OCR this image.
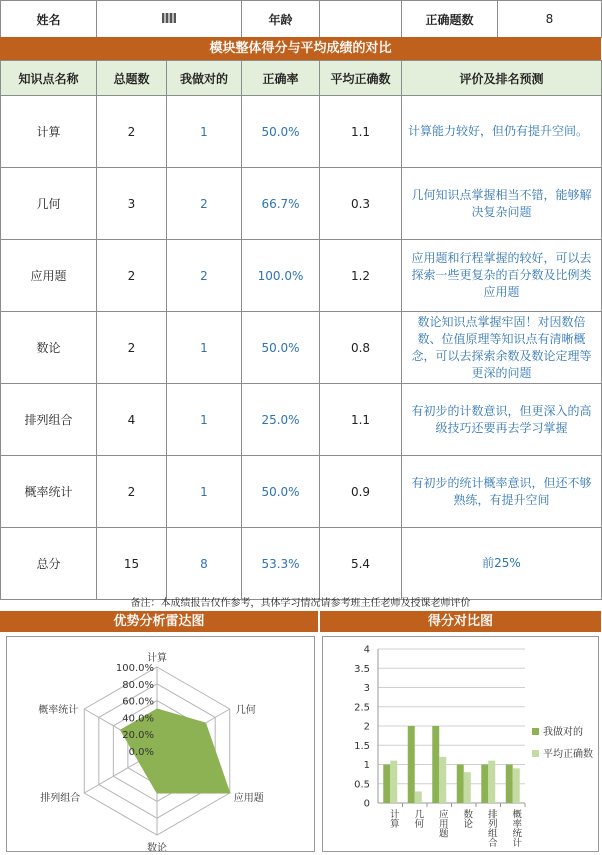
姓名		年龄		正确题数	8
模块整体得分与平均成绩的对比
知识点名称	总题数	我做对的	正确率	平均正确数	评价及排名预测
计算	2	1	50.0%	1.1	计算能力较好，但仍有提升空间。
几何	3	2	66.7%	0.3	几何知识点掌握相当不错，能够解决复杂问题
应用题	2	2	100.0%	1.2	应用题和行程掌握的较好，可以去探索一些更复杂的百分数及比例类应用题
数论	2	1	50.0%	0.8	数论知识点掌握牢固！对因数倍数、位值原理等知识点有清晰概念，可以去探索余数及数论定理等更深的问题
排列组合	4	1	25.0%	1.1	有初步的计数意识，但更深入的高级技巧还要再去学习掌握
概率统计	2	1	50.0%	0.9	有初步的统计概率意识，但还不够熟练，有提升空间
总分	15	8	53.3%	5.4	前25%
备注：本成绩报告仅作参考，具体学习情况请参考班主任老师及授课老师评价
优势分析雷达图	得分对比图
0.0%
20.0%
40.0%
60.0%
80.0%
100.0%
计算
几何
应用题
数论
排列组合
概率统计
0
0.5
1
1.5
2
2.5
3
3.5
4
计算 几何 应用题 数论 排列组合 概率统计
我做对的
平均正确数
